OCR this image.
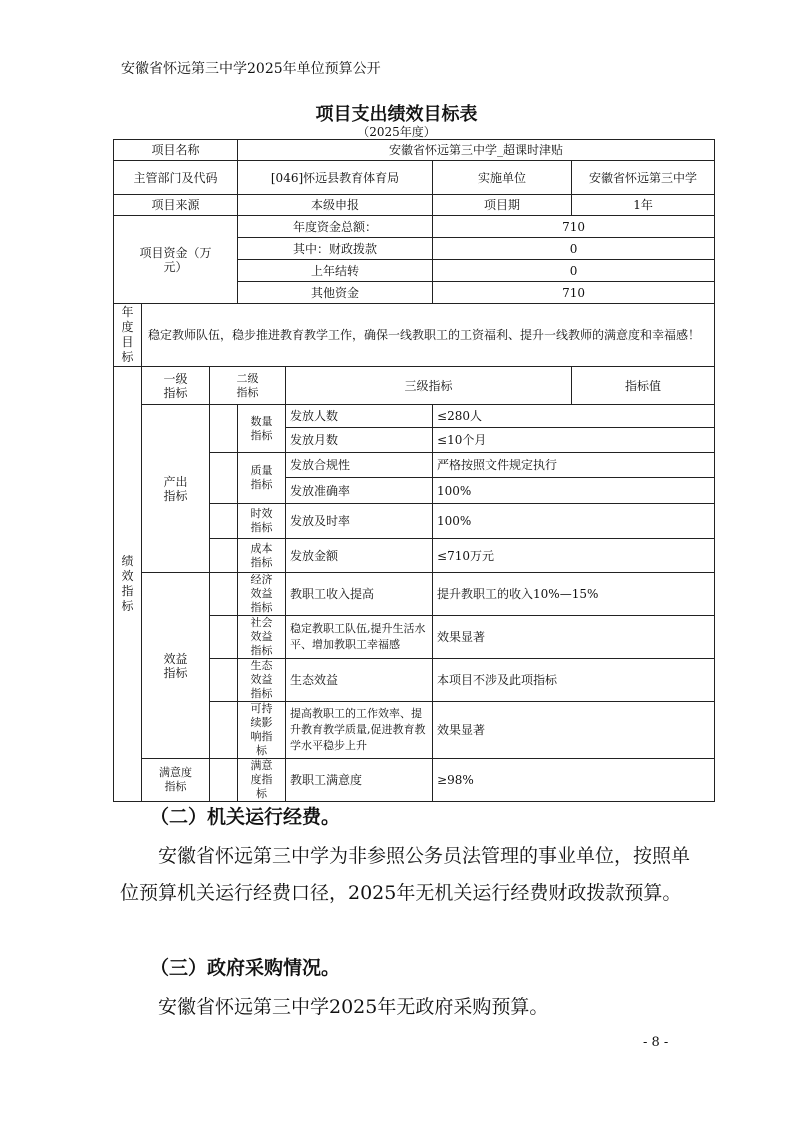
安徽省怀远第三中学2025年单位预算公开
项目支出绩效目标表
（2025年度）
项目名称			安徽省怀远第三中学_超课时津贴			
主管部门及代码			[046]怀远县教育体育局		实施单位	安徽省怀远第三中学
项目来源			本级申报		项目期	1年
项目资金（万元）			年度资金总额：		710	
			其中：财政拨款		0	
			上年结转		0	
			其他资金		710	

年度目标	稳定教师队伍，稳步推进教育教学工作，确保一线教职工的工资福利、提升一线教师的满意度和幸福感！					

绩效指标	一级指标	二级指标		三级指标		指标值

	产出指标		数量指标	发放人数	≤280人	
				发放月数	≤10个月	

			质量指标	发放合规性	严格按照文件规定执行	
				发放准确率	100%	

			时效指标	发放及时率	100%	

			成本指标	发放金额	≤710万元	

	效益指标		经济效益指标	教职工收入提高	提升教职工的收入10%—15%	

			社会效益指标	稳定教职工队伍,提升生活水平、增加教职工幸福感	效果显著	

			生态效益指标	生态效益	本项目不涉及此项指标	

			可持续影响指标	提高教职工的工作效率、提升教育教学质量,促进教育教学水平稳步上升	效果显著	

	满意度指标		满意度指标	教职工满意度	≥98%	
（二）机关运行经费。
安徽省怀远第三中学为非参照公务员法管理的事业单位，按照单位预算机关运行经费口径，2025年无机关运行经费财政拨款预算。
（三）政府采购情况。
安徽省怀远第三中学2025年无政府采购预算。
- 8 -
